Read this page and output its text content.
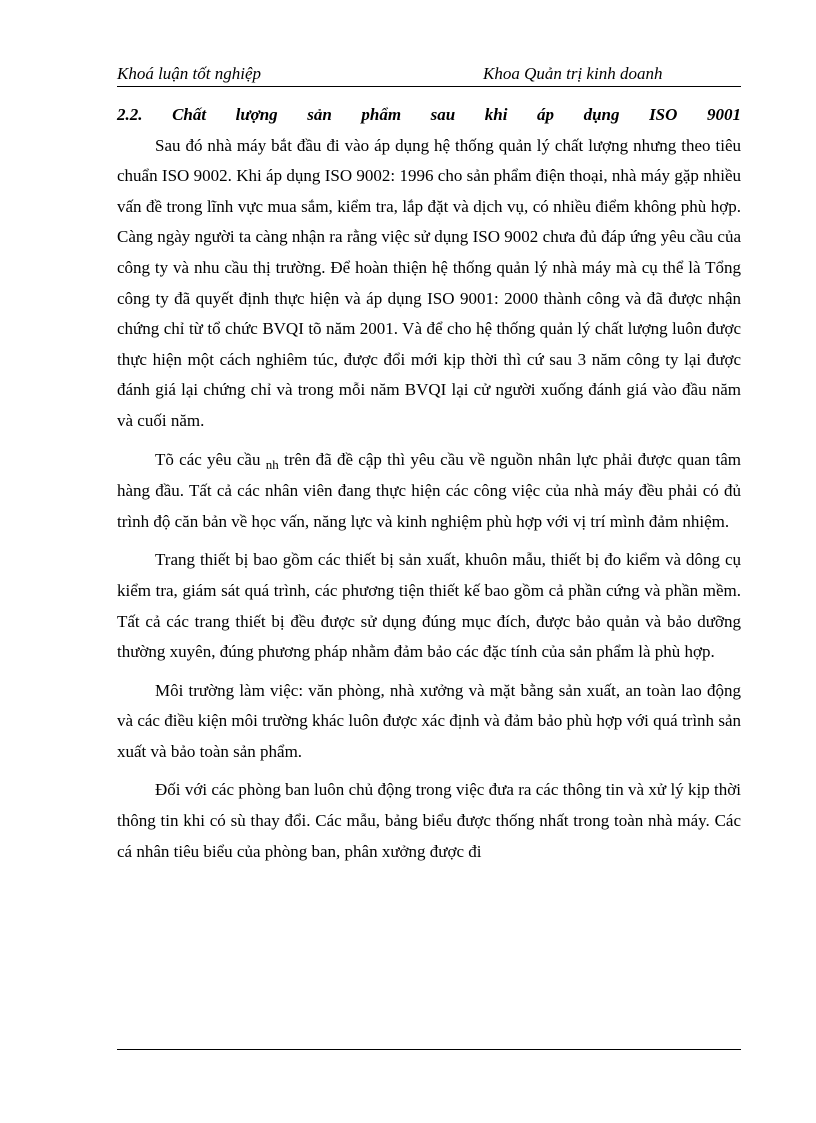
Khoá luận tốt nghiệp	Khoa Quản trị kinh doanh

2.2. Chất lượng sản phẩm sau khi áp dụng ISO 9001

Sau đó nhà máy bắt đầu đi vào áp dụng hệ thống quản lý chất lượng nhưng theo tiêu chuẩn ISO 9002. Khi áp dụng ISO 9002: 1996 cho sản phẩm điện thoại, nhà máy gặp nhiều vấn đề trong lĩnh vực mua sắm, kiểm tra, lắp đặt và dịch vụ, có nhiều điểm không phù hợp. Càng ngày người ta càng nhận ra rằng việc sử dụng ISO 9002 chưa đủ đáp ứng yêu cầu của công ty và nhu cầu thị trường. Để hoàn thiện hệ thống quản lý nhà máy mà cụ thể là Tổng công ty đã quyết định thực hiện và áp dụng ISO 9001: 2000 thành công và đã được nhận chứng chỉ từ tổ chức BVQI tõ năm 2001. Và để cho hệ thống quản lý chất lượng luôn được thực hiện một cách nghiêm túc, được đổi mới kịp thời thì cứ sau 3 năm công ty lại được đánh giá lại chứng chỉ và trong mỗi năm BVQI lại cử người xuống đánh giá vào đầu năm và cuối năm.

Tõ các yêu cầu $_{nh}$ trên đã đề cập thì yêu cầu về nguồn nhân lực phải được quan tâm hàng đầu. Tất cả các nhân viên đang thực hiện các công việc của nhà máy đều phải có đủ trình độ căn bản về học vấn, năng lực và kinh nghiệm phù hợp với vị trí mình đảm nhiệm.

Trang thiết bị bao gồm các thiết bị sản xuất, khuôn mẫu, thiết bị đo kiểm và dông cụ kiểm tra, giám sát quá trình, các phương tiện thiết kế bao gồm cả phần cứng và phần mềm. Tất cả các trang thiết bị đều được sử dụng đúng mục đích, được bảo quản và bảo dưỡng thường xuyên, đúng phương pháp nhằm đảm bảo các đặc tính của sản phẩm là phù hợp.

Môi trường làm việc: văn phòng, nhà xưởng và mặt bằng sản xuất, an toàn lao động và các điều kiện môi trường khác luôn được xác định và đảm bảo phù hợp với quá trình sản xuất và bảo toàn sản phẩm.

Đối với các phòng ban luôn chủ động trong việc đưa ra các thông tin và xử lý kịp thời thông tin khi có sù thay đổi. Các mẫu, bảng biểu được thống nhất trong toàn nhà máy. Các cá nhân tiêu biểu của phòng ban, phân xưởng được đi
